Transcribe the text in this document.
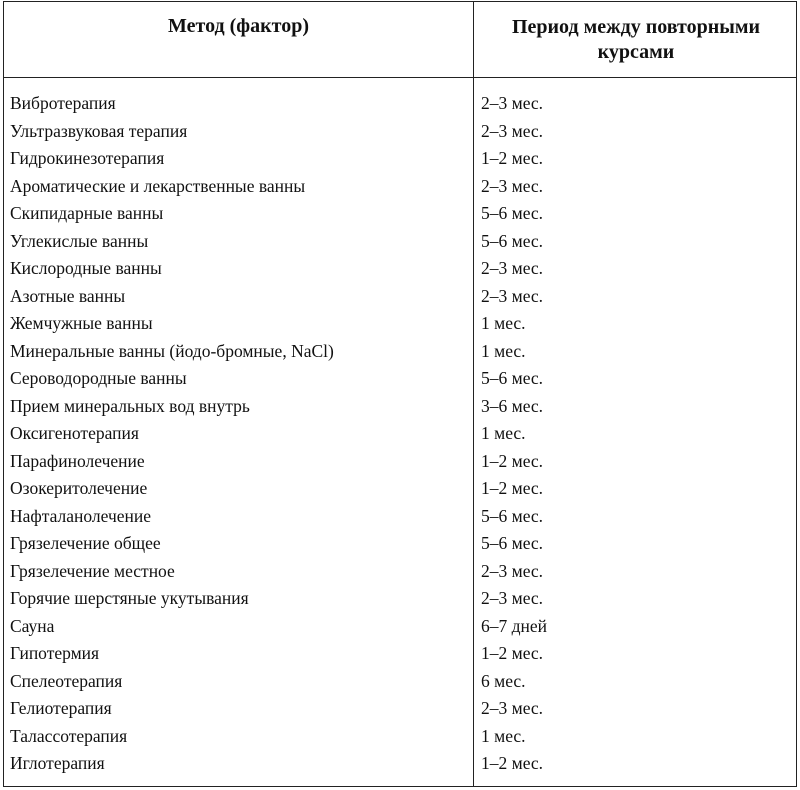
Метод (фактор)	Период между повторными
курсами
Вибротерапия	2–3 мес.
Ультразвуковая терапия	2–3 мес.
Гидрокинезотерапия	1–2 мес.
Ароматические и лекарственные ванны	2–3 мес.
Скипидарные ванны	5–6 мес.
Углекислые ванны	5–6 мес.
Кислородные ванны	2–3 мес.
Азотные ванны	2–3 мес.
Жемчужные ванны	1 мес.
Минеральные ванны (йодо-бромные, NaCl)	1 мес.
Сероводородные ванны	5–6 мес.
Прием минеральных вод внутрь	3–6 мес.
Оксигенотерапия	1 мес.
Парафинолечение	1–2 мес.
Озокеритолечение	1–2 мес.
Нафталанолечение	5–6 мес.
Грязелечение общее	5–6 мес.
Грязелечение местное	2–3 мес.
Горячие шерстяные укутывания	2–3 мес.
Сауна	6–7 дней
Гипотермия	1–2 мес.
Спелеотерапия	6 мес.
Гелиотерапия	2–3 мес.
Талассотерапия	1 мес.
Иглотерапия	1–2 мес.
